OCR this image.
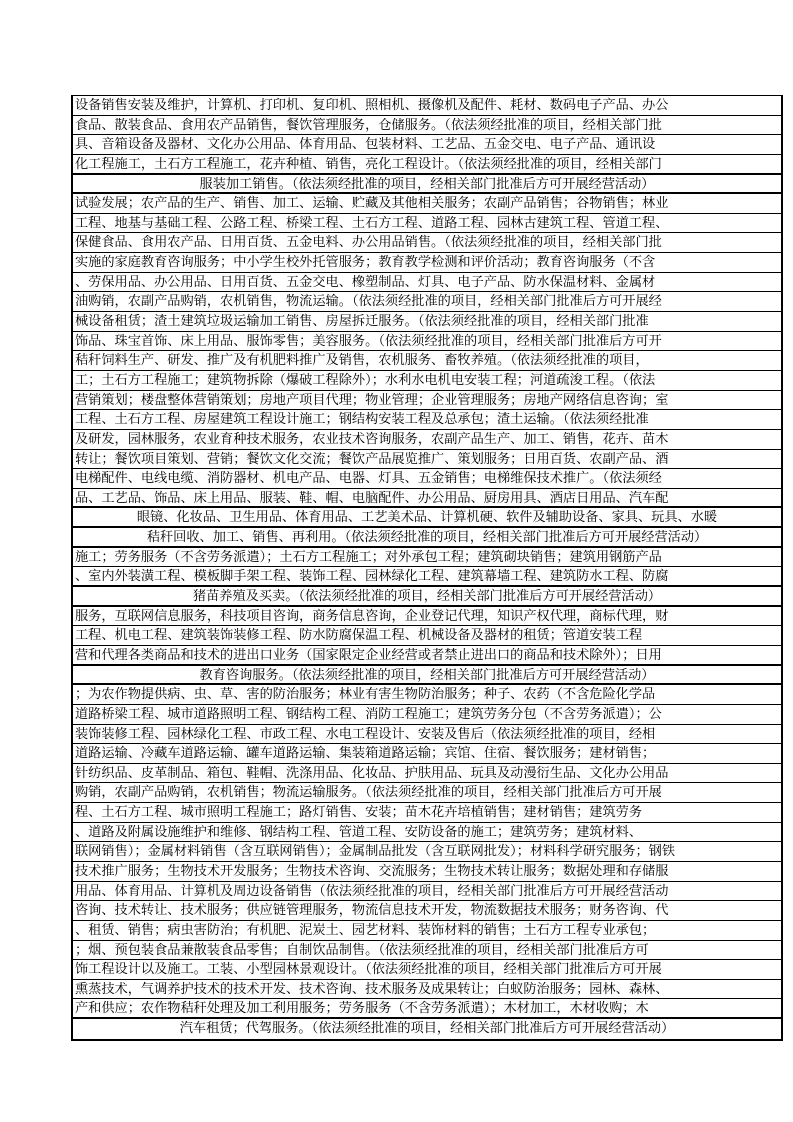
设备销售安装及维护，计算机、打印机、复印机、照相机、摄像机及配件、耗材、数码电子产品、办公
食品、散装食品、食用农产品销售，餐饮管理服务，仓储服务。（依法须经批准的项目，经相关部门批
具、音箱设备及器材、文化办公用品、体育用品、包装材料、工艺品、五金交电、电子产品、通讯设
化工程施工，土石方工程施工，花卉种植、销售，亮化工程设计。（依法须经批准的项目，经相关部门
服装加工销售。（依法须经批准的项目，经相关部门批准后方可开展经营活动）
试验发展；农产品的生产、销售、加工、运输、贮藏及其他相关服务；农副产品销售；谷物销售；林业
工程、地基与基础工程、公路工程、桥梁工程、土石方工程、道路工程、园林古建筑工程、管道工程、
保健食品、食用农产品、日用百货、五金电料、办公用品销售。（依法须经批准的项目，经相关部门批
实施的家庭教育咨询服务；中小学生校外托管服务；教育教学检测和评价活动；教育咨询服务（不含
、劳保用品、办公用品、日用百货、五金交电、橡塑制品、灯具、电子产品、防水保温材料、金属材
油购销，农副产品购销，农机销售，物流运输。（依法须经批准的项目，经相关部门批准后方可开展经
械设备租赁；渣土建筑垃圾运输加工销售、房屋拆迁服务。（依法须经批准的项目，经相关部门批准
饰品、珠宝首饰、床上用品、服饰零售；美容服务。（依法须经批准的项目，经相关部门批准后方可开
秸秆饲料生产、研发、推广及有机肥料推广及销售，农机服务、畜牧养殖。（依法须经批准的项目，
工；土石方工程施工；建筑物拆除（爆破工程除外）；水利水电机电安装工程；河道疏浚工程。（依法
营销策划；楼盘整体营销策划；房地产项目代理；物业管理；企业管理服务；房地产网络信息咨询；室
工程、土石方工程、房屋建筑工程设计施工；钢结构安装工程及总承包；渣土运输。（依法须经批准
及研发，园林服务，农业育种技术服务，农业技术咨询服务，农副产品生产、加工、销售，花卉、苗木
转让；餐饮项目策划、营销；餐饮文化交流；餐饮产品展览推广、策划服务；日用百货、农副产品、酒
电梯配件、电线电缆、消防器材、机电产品、电器、灯具、五金销售；电梯维保技术推广。（依法须经
品、工艺品、饰品、床上用品、服装、鞋、帽、电脑配件、办公用品、厨房用具、酒店日用品、汽车配
眼镜、化妆品、卫生用品、体育用品、工艺美术品、计算机硬、软件及辅助设备、家具、玩具、水暖
秸秆回收、加工、销售、再利用。（依法须经批准的项目，经相关部门批准后方可开展经营活动）
施工；劳务服务（不含劳务派遣）；土石方工程施工；对外承包工程；建筑砌块销售；建筑用钢筋产品
、室内外装潢工程、模板脚手架工程、装饰工程、园林绿化工程、建筑幕墙工程、建筑防水工程、防腐
猪苗养殖及买卖。（依法须经批准的项目，经相关部门批准后方可开展经营活动）
服务，互联网信息服务，科技项目咨询，商务信息咨询，企业登记代理，知识产权代理，商标代理，财
工程、机电工程、建筑装饰装修工程、防水防腐保温工程、机械设备及器材的租赁；管道安装工程
营和代理各类商品和技术的进出口业务（国家限定企业经营或者禁止进出口的商品和技术除外）；日用
教育咨询服务。（依法须经批准的项目，经相关部门批准后方可开展经营活动）
；为农作物提供病、虫、草、害的防治服务；林业有害生物防治服务；种子、农药（不含危险化学品
道路桥梁工程、城市道路照明工程、钢结构工程、消防工程施工；建筑劳务分包（不含劳务派遣）；公
装饰装修工程、园林绿化工程、市政工程、水电工程设计、安装及售后（依法须经批准的项目，经相
道路运输、冷藏车道路运输、罐车道路运输、集装箱道路运输；宾馆、住宿、餐饮服务；建材销售；
针纺织品、皮革制品、箱包、鞋帽、洗涤用品、化妆品、护肤用品、玩具及动漫衍生品、文化办公用品
购销，农副产品购销，农机销售；物流运输服务。（依法须经批准的项目，经相关部门批准后方可开展
程、土石方工程、城市照明工程施工；路灯销售、安装；苗木花卉培植销售；建材销售；建筑劳务
、道路及附属设施维护和维修、钢结构工程、管道工程、安防设备的施工；建筑劳务；建筑材料、
联网销售）；金属材料销售（含互联网销售）；金属制品批发（含互联网批发）；材料科学研究服务；钢铁
技术推广服务；生物技术开发服务；生物技术咨询、交流服务；生物技术转让服务；数据处理和存储服
用品、体育用品、计算机及周边设备销售（依法须经批准的项目，经相关部门批准后方可开展经营活动
咨询、技术转让、技术服务；供应链管理服务，物流信息技术开发，物流数据技术服务；财务咨询、代
、租赁、销售；病虫害防治；有机肥、泥炭土、园艺材料、装饰材料的销售；土石方工程专业承包；
；烟、预包装食品兼散装食品零售；自制饮品制售。（依法须经批准的项目，经相关部门批准后方可
饰工程设计以及施工。工装、小型园林景观设计。（依法须经批准的项目，经相关部门批准后方可开展
熏蒸技术，气调养护技术的技术开发、技术咨询、技术服务及成果转让；白蚁防治服务；园林、森林、
产和供应；农作物秸秆处理及加工利用服务；劳务服务（不含劳务派遣）；木材加工，木材收购；木
汽车租赁；代驾服务。（依法须经批准的项目，经相关部门批准后方可开展经营活动）
